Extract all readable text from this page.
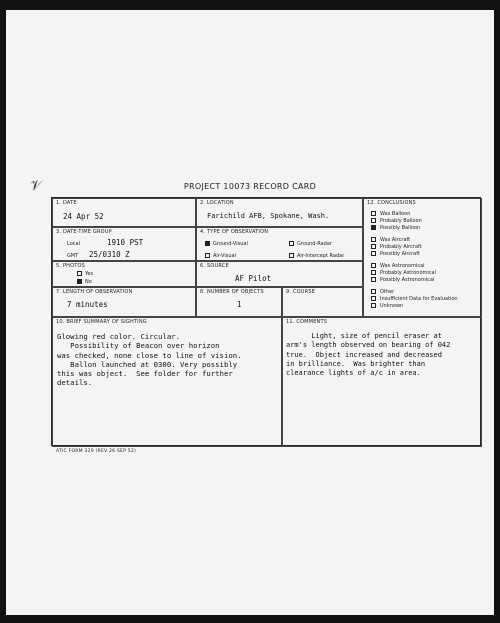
𝒱	PROJECT 10073 RECORD CARD
1. DATE
24 Apr 52
2. LOCATION
Farichild AFB, Spokane, Wash.
3. DATE-TIME GROUP
Local	1910 PST
GMT 25/0310 Z
4. TYPE OF OBSERVATION
Ground-Visual	Ground-Radar
Air-Visual	Air-Intercept Radar
5. PHOTOS
Yes
No
6. SOURCE
AF Pilot
7. LENGTH OF OBSERVATION
7 minutes
8. NUMBER OF OBJECTS
1
9. COURSE
12. CONCLUSIONS
Was Balloon
Probably Balloon
Possibly Balloon
Was Aircraft
Probably Aircraft
Possibly Aircraft
Was Astronomical
Probably Astronomical
Possibly Astronomical
Other
Insufficient Data for Evaluation
Unknown
10. BRIEF SUMMARY OF SIGHTING
Glowing red color. Circular.
Possibility of Beacon over horizon
was checked, none close to line of vision.
Ballon launched at 0300. Very possibly
this was object.  See folder for further
details.
11. COMMENTS
Light, size of pencil eraser at
arm's length observed on bearing of 042
true.  Object increased and decreased
in brilliance.  Was brighter than
clearance lights of a/c in area.
ATIC FORM 329 (REV 26 SEP 52)
